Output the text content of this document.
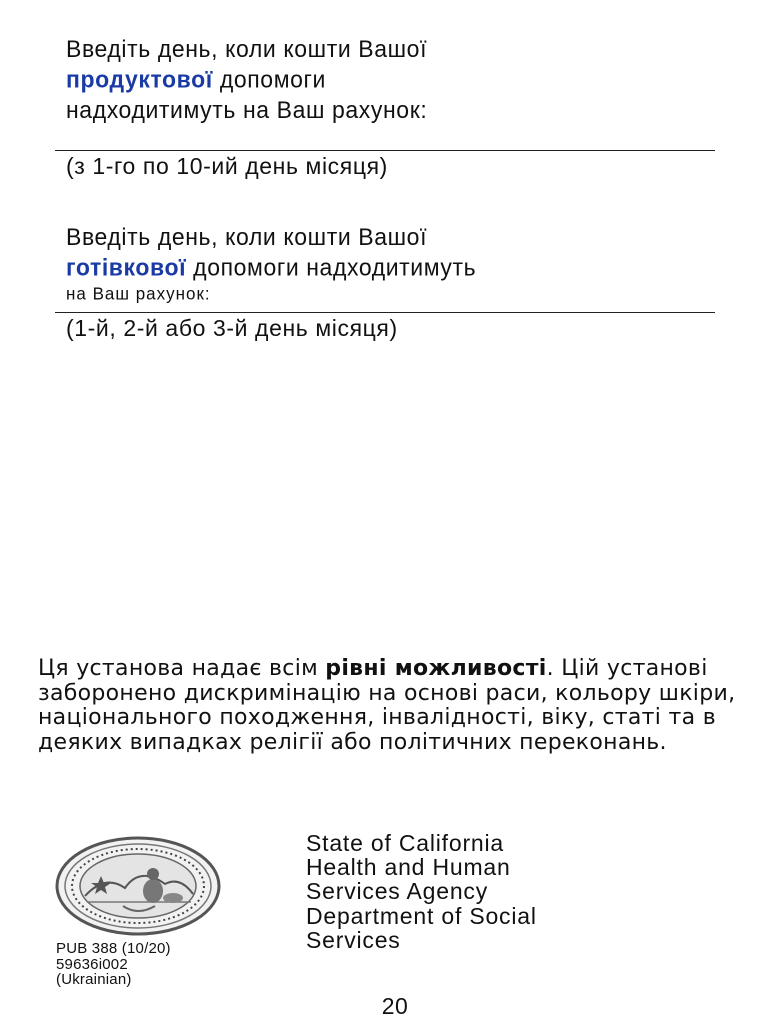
Введіть день, коли кошти Вашої
продуктової допомоги
надходитимуть на Ваш рахунок:
(з 1-го по 10-ий день місяця)
Введіть день, коли кошти Вашої
готівкової допомоги надходитимуть
на Ваш рахунок:
(1-й, 2-й або 3-й день місяця)
Ця установа надає всім рівні можливості. Цій установі заборонено дискримінацію на основі раси, кольору шкіри, національного походження, інвалідності, віку, статі та в деяких випадках релігії або політичних переконань.
State of California
Health and Human
Services Agency
Department of Social
Services
PUB 388 (10/20)
59636i002
(Ukrainian)
20
